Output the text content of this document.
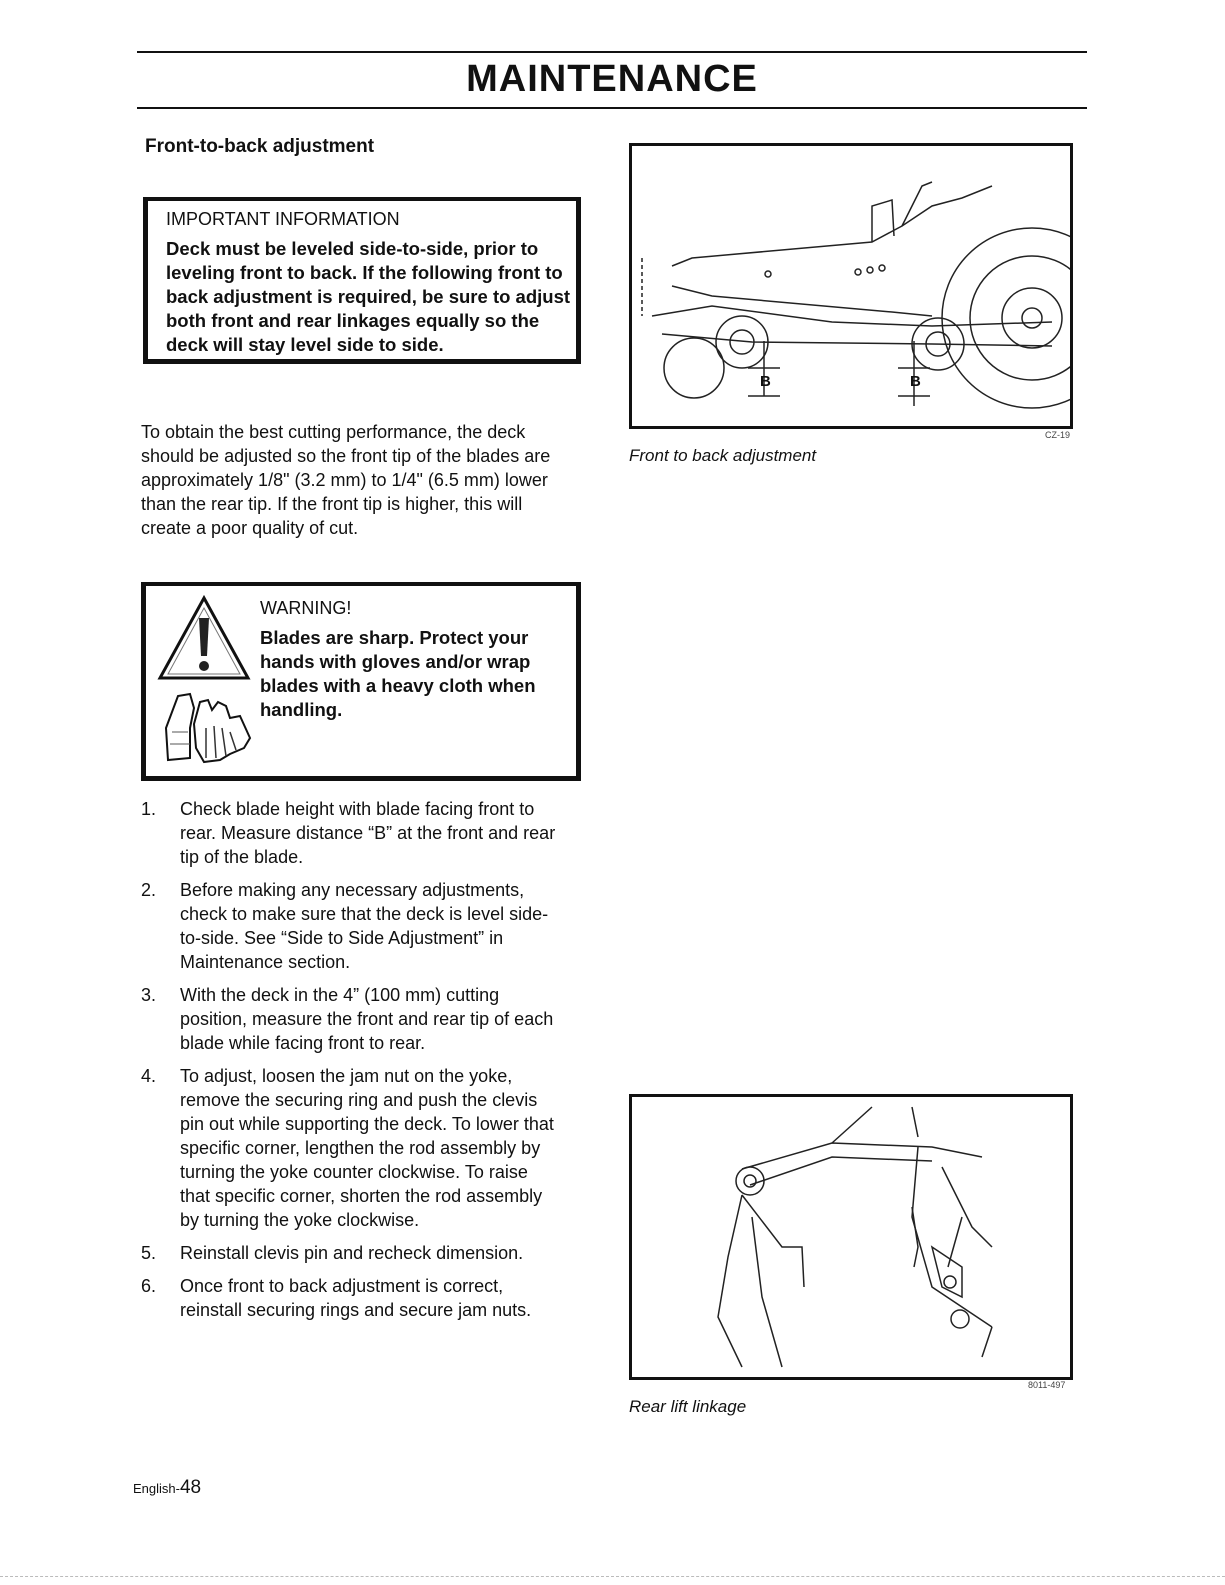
MAINTENANCE
Front-to-back adjustment
IMPORTANT INFORMATION
Deck must be leveled side-to-side, prior to leveling front to back. If the following front to back adjustment is required, be sure to adjust both front and rear linkages equally so the deck will stay level side to side.
To obtain the best cutting performance, the deck should be adjusted so the front tip of the blades are approximately 1/8" (3.2 mm) to 1/4" (6.5 mm) lower than the rear tip. If the front tip is higher, this will create a poor quality of cut.
WARNING!
Blades are sharp. Protect your hands with gloves and/or wrap blades with a heavy cloth when handling.
1. Check blade height with blade facing front to rear. Measure distance “B” at the front and rear tip of the blade.
2. Before making any necessary adjustments, check to make sure that the deck is level side-to-side. See “Side to Side Adjustment” in Maintenance section.
3. With the deck in the 4” (100 mm) cutting position, measure the front and rear tip of each blade while facing front to rear.
4. To adjust, loosen the jam nut on the yoke, remove the securing ring and push the clevis pin out while supporting the deck. To lower that specific corner, lengthen the rod assembly by turning the yoke counter clockwise. To raise that specific corner, shorten the rod assembly by turning the yoke clockwise.
5. Reinstall clevis pin and recheck dimension.
6. Once front to back adjustment is correct, reinstall securing rings and secure jam nuts.
B	B
CZ-19
Front to back adjustment
8011-497
Rear lift linkage
English-48
